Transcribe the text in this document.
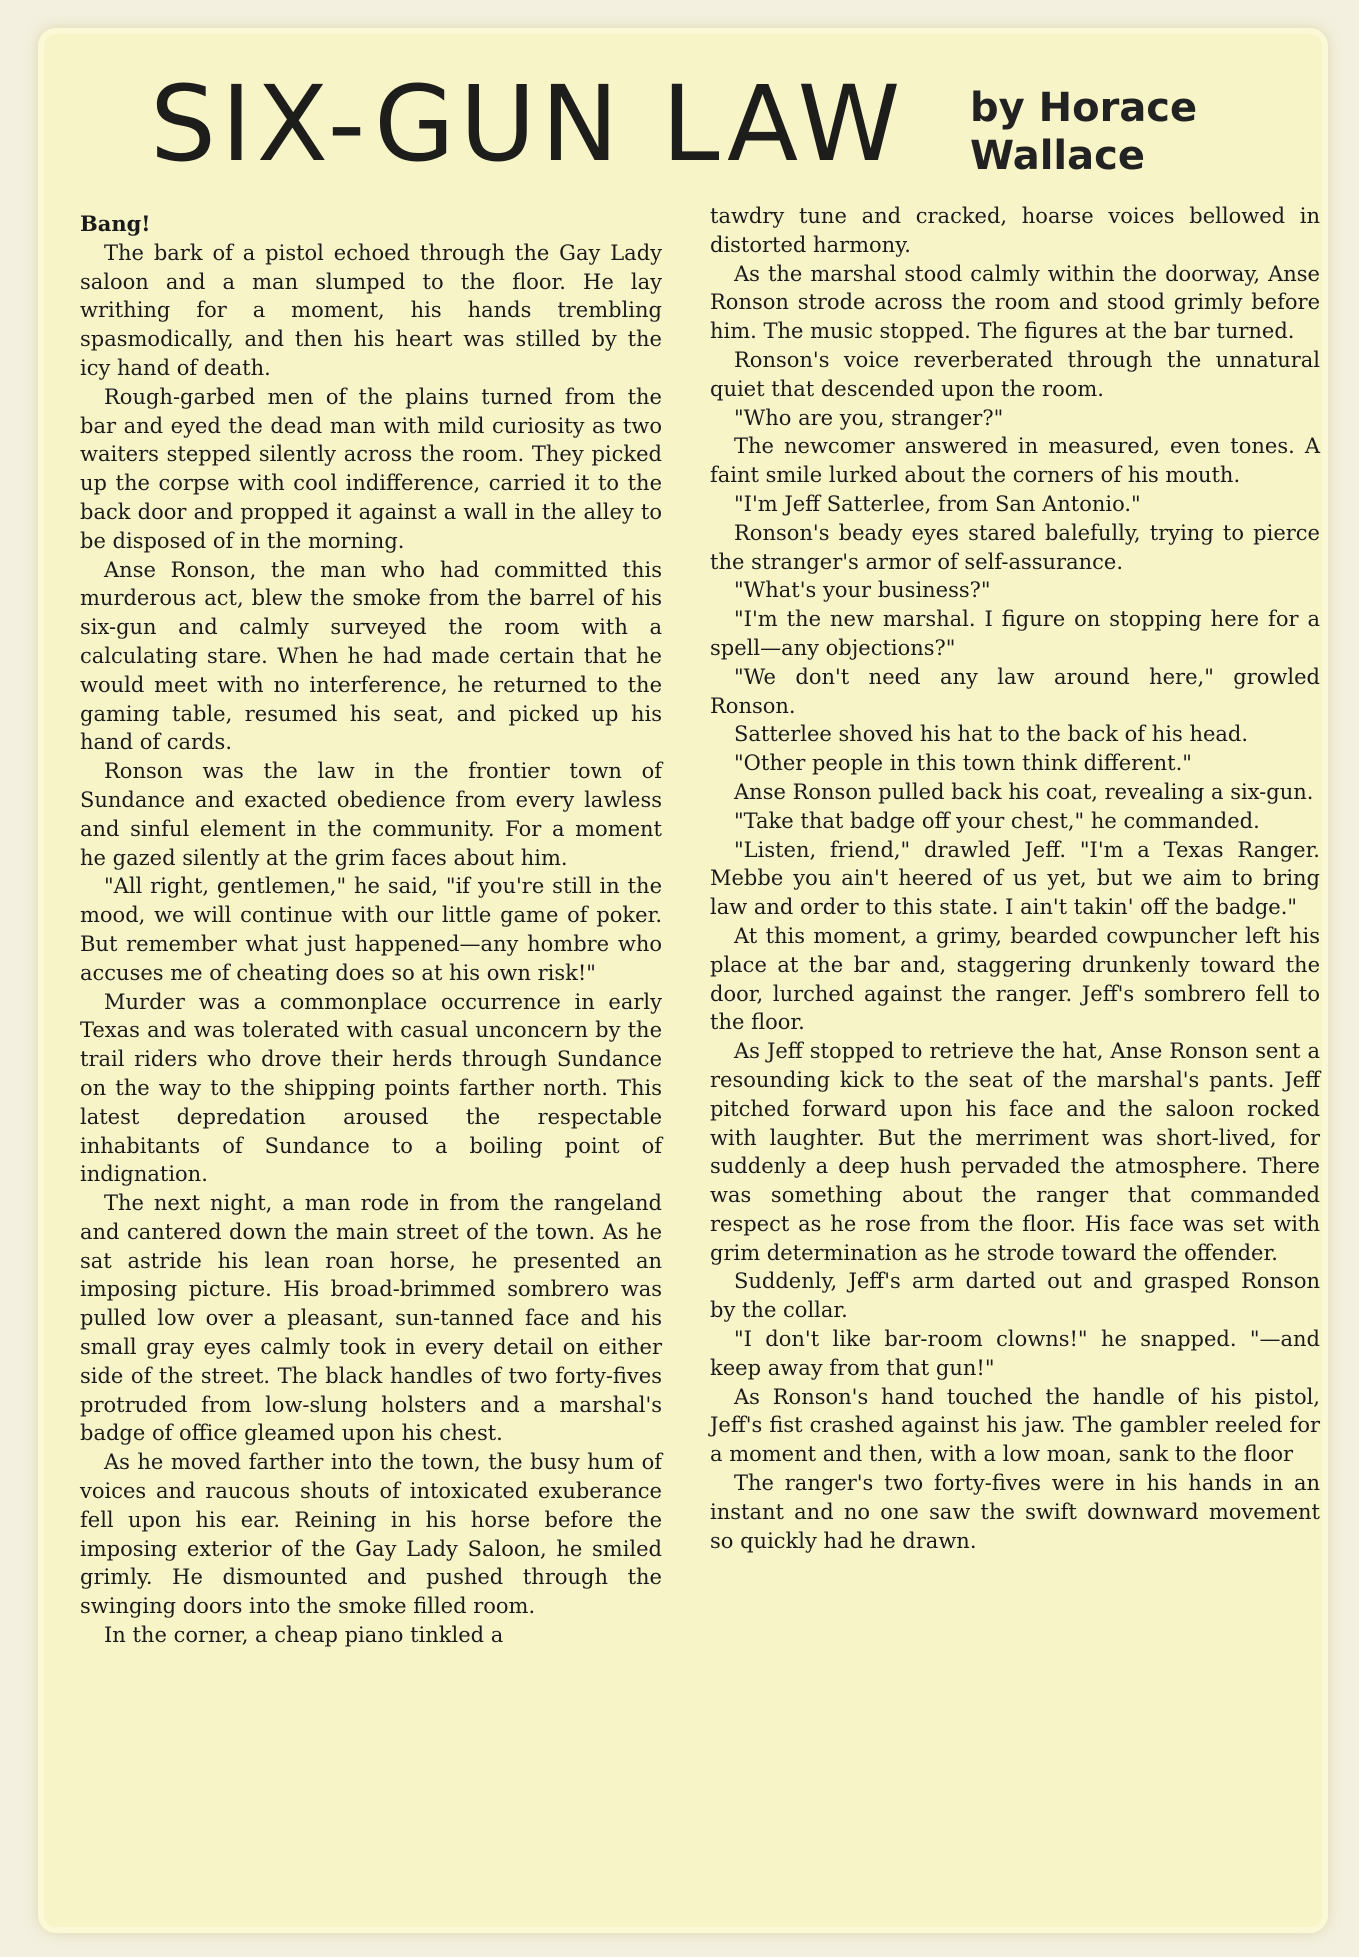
SIX-GUN LAW by Horace
Wallace

Bang!

The bark of a pistol echoed through the Gay Lady saloon and a man slumped to the floor. He lay writhing for a moment, his hands trembling spasmodically, and then his heart was stilled by the icy hand of death.

Rough-garbed men of the plains turned from the bar and eyed the dead man with mild curiosity as two waiters stepped silently across the room. They picked up the corpse with cool indifference, carried it to the back door and propped it against a wall in the alley to be disposed of in the morning.

Anse Ronson, the man who had committed this murderous act, blew the smoke from the barrel of his six-gun and calmly surveyed the room with a calculating stare. When he had made certain that he would meet with no interference, he returned to the gaming table, resumed his seat, and picked up his hand of cards.

Ronson was the law in the frontier town of Sundance and exacted obedience from every lawless and sinful element in the community. For a moment he gazed silently at the grim faces about him.

"All right, gentlemen," he said, "if you're still in the mood, we will continue with our little game of poker. But remember what just happened—any hombre who accuses me of cheating does so at his own risk!"

Murder was a commonplace occurrence in early Texas and was tolerated with casual unconcern by the trail riders who drove their herds through Sundance on the way to the shipping points farther north. This latest depredation aroused the respectable inhabitants of Sundance to a boiling point of indignation.

The next night, a man rode in from the rangeland and cantered down the main street of the town. As he sat astride his lean roan horse, he presented an imposing picture. His broad-brimmed sombrero was pulled low over a pleasant, sun-tanned face and his small gray eyes calmly took in every detail on either side of the street. The black handles of two forty-fives protruded from low-slung holsters and a marshal's badge of office gleamed upon his chest.

As he moved farther into the town, the busy hum of voices and raucous shouts of intoxicated exuberance fell upon his ear. Reining in his horse before the imposing exterior of the Gay Lady Saloon, he smiled grimly. He dismounted and pushed through the swinging doors into the smoke filled room.

In the corner, a cheap piano tinkled a

tawdry tune and cracked, hoarse voices bellowed in distorted harmony.

As the marshal stood calmly within the doorway, Anse Ronson strode across the room and stood grimly before him. The music stopped. The figures at the bar turned.

Ronson's voice reverberated through the unnatural quiet that descended upon the room.

"Who are you, stranger?"

The newcomer answered in measured, even tones. A faint smile lurked about the corners of his mouth.

"I'm Jeff Satterlee, from San Antonio."

Ronson's beady eyes stared balefully, trying to pierce the stranger's armor of self-assurance.

"What's your business?"

"I'm the new marshal. I figure on stopping here for a spell—any objections?"

"We don't need any law around here," growled Ronson.

Satterlee shoved his hat to the back of his head.

"Other people in this town think different."

Anse Ronson pulled back his coat, revealing a six-gun.

"Take that badge off your chest," he commanded.

"Listen, friend," drawled Jeff. "I'm a Texas Ranger. Mebbe you ain't heered of us yet, but we aim to bring law and order to this state. I ain't takin' off the badge."

At this moment, a grimy, bearded cowpuncher left his place at the bar and, staggering drunkenly toward the door, lurched against the ranger. Jeff's sombrero fell to the floor.

As Jeff stopped to retrieve the hat, Anse Ronson sent a resounding kick to the seat of the marshal's pants. Jeff pitched forward upon his face and the saloon rocked with laughter. But the merriment was short-lived, for suddenly a deep hush pervaded the atmosphere. There was something about the ranger that commanded respect as he rose from the floor. His face was set with grim determination as he strode toward the offender.

Suddenly, Jeff's arm darted out and grasped Ronson by the collar.

"I don't like bar-room clowns!" he snapped. "—and keep away from that gun!"

As Ronson's hand touched the handle of his pistol, Jeff's fist crashed against his jaw. The gambler reeled for a moment and then, with a low moan, sank to the floor

The ranger's two forty-fives were in his hands in an instant and no one saw the swift downward movement so quickly had he drawn.
